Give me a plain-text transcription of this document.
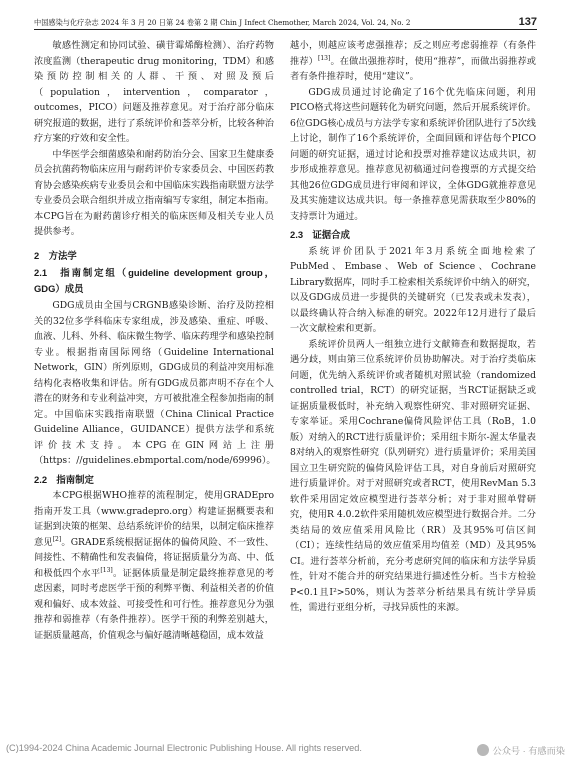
中国感染与化疗杂志 2024 年 3 月 20 日第 24 卷第 2 期 Chin J Infect Chemother, March 2024, Vol. 24, No. 2	137

敏感性测定和协同试验、磺苷霉烯酶检测）、治疗药物浓度监测（therapeutic drug monitoring，TDM）和感染预防控制相关的人群、干预、对照及预后（population，intervention，comparator，outcomes，PICO）问题及推荐意见。对于治疗部分临床研究报道的数据，进行了系统评价和荟萃分析，比较各种治疗方案的疗效和安全性。

中华医学会细菌感染和耐药防治分会、国家卫生健康委员会抗菌药物临床应用与耐药评价专家委员会、中国医药教育协会感染疾病专业委员会和中国临床实践指南联盟方法学专业委员会联合组织并成立指南编写专家组，制定本指南。本CPG旨在为耐药菌诊疗相关的临床医师及相关专业人员提供参考。

2　方法学
2.1　指南制定组（guideline development group，GDG）成员

GDG成员由全国与CRGNB感染诊断、治疗及防控相关的32位多学科临床专家组成，涉及感染、重症、呼吸、血液、儿科、外科、临床微生物学、临床药理学和感染控制专业。根据指南国际网络（Guideline International Network，GIN）所列原则，GDG成员的利益冲突用标准结构化表格收集和评估。所有GDG成员都声明不存在个人潜在的财务和专业利益冲突，方可被批准全程参加指南的制定。中国临床实践指南联盟（China Clinical Practice Guideline Alliance，GUIDANCE）提供方法学和系统评价技术支持。本CPG在GIN网站上注册（https：//guidelines.ebmportal.com/node/69996）。

2.2　指南制定

本CPG根据WHO推荐的流程制定，使用GRADEpro指南开发工具（www.gradepro.org）构建证据概要表和证据到决策的框架、总结系统评价的结果，以制定临床推荐意见[2]。GRADE系统根据证据体的偏倚风险、不一致性、间接性、不精确性和发表偏倚，将证据质量分为高、中、低和极低四个水平[13]。证据体质量是制定最终推荐意见的考虑因素，同时考虑医学干预的利弊平衡、利益相关者的价值观和偏好、成本效益、可接受性和可行性。推荐意见分为强推荐和弱推荐（有条件推荐）。医学干预的利弊差别越大，证据质量越高，价值观念与偏好越清晰越稳固，成本效益

越小，则越应该考虑强推荐；反之则应考虑弱推荐（有条件推荐）[13]。在做出强推荐时，使用“推荐”，而做出弱推荐或者有条件推荐时，使用“建议”。

GDG成员通过讨论确定了16个优先临床问题，利用PICO格式将这些问题转化为研究问题，然后开展系统评价。6位GDG核心成员与方法学专家和系统评价团队进行了5次线上讨论，制作了16个系统评价，全面回顾和评估每个PICO问题的研究证据，通过讨论和投票对推荐建议达成共识，初步形成推荐意见。推荐意见初稿通过问卷搜票的方式提交给其他26位GDG成员进行审阅和评议，全体GDG就推荐意见及其实施建议达成共识。每一条推荐意见需获取至少80%的支持票计为通过。

2.3　证据合成

系统评价团队于2021年3月系统全面地检索了PubMed、Embase、Web of Science、Cochrane Library数据库，同时手工检索相关系统评价中纳入的研究，以及GDG成员进一步提供的关键研究（已发表或未发表），以最终确认符合纳入标准的研究。2022年12月进行了最后一次文献检索和更新。

系统评价员两人一组独立进行文献筛查和数据提取，若遇分歧，则由第三位系统评价员协助解决。对于治疗类临床问题，优先纳入系统评价或者随机对照试验（randomized controlled trial，RCT）的研究证据，当RCT证据缺乏或证据质量极低时，补充纳入观察性研究、非对照研究证据、专家举证。采用Cochrane偏倚风险评估工具（RoB，1.0版）对纳入的RCT进行质量评价；采用纽卡斯尔-渥太华量表8对纳入的观察性研究（队列研究）进行质量评价；采用美国国立卫生研究院的偏倚风险评估工具，对自身前后对照研究进行质量评价。对于对照研究或者RCT，使用RevMan 5.3软件采用固定效应模型进行荟萃分析；对于非对照单臂研究，使用R 4.0.2软件采用随机效应模型进行数据合并。二分类结局的效应值采用风险比（RR）及其95%可信区间（CI）；连续性结局的效应值采用均值差（MD）及其95% CI。进行荟萃分析前，充分考虑研究间的临床和方法学异质性，针对不能合并的研究结果进行描述性分析。当卡方检验P<0.1且I²>50%，则认为荟萃分析结果具有统计学异质性，需进行亚组分析，寻找异质性的来源。

(C)1994-2024 China Academic Journal Electronic Publishing House. All rights reserved.	公众号 · 有感而染
